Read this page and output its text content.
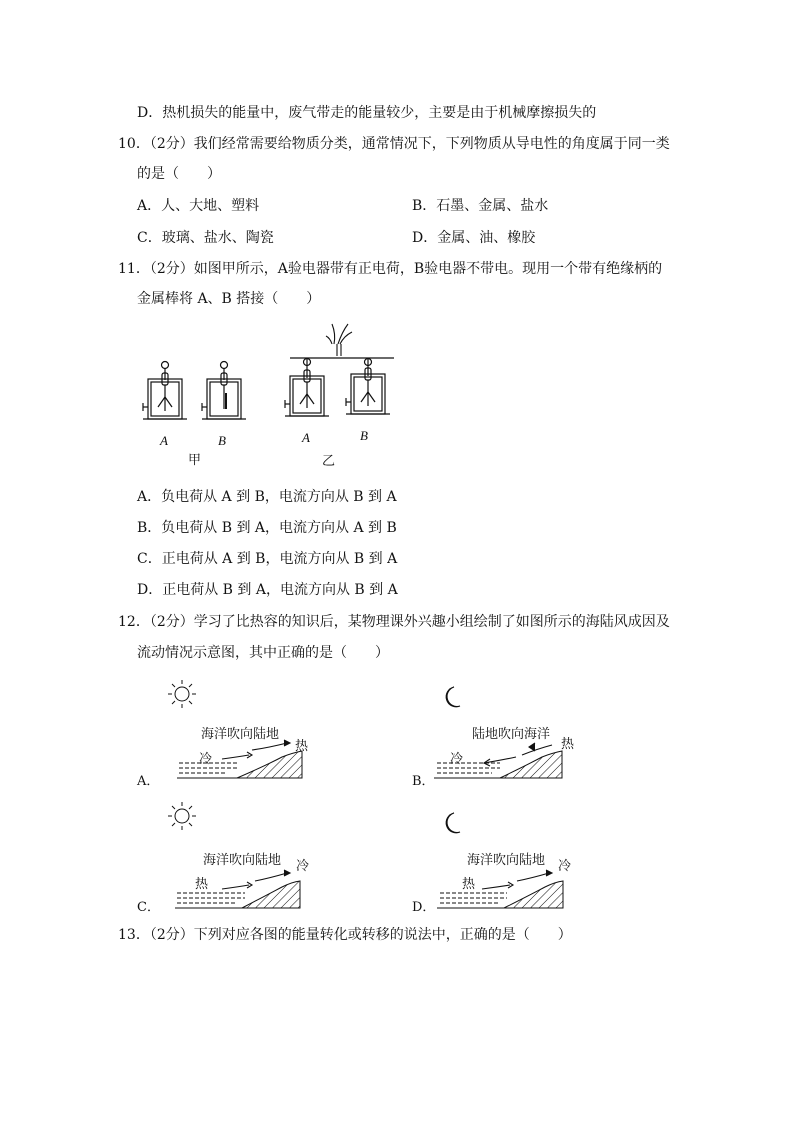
D．热机损失的能量中，废气带走的能量较少，主要是由于机械摩擦损失的
10．（2分）我们经常需要给物质分类，通常情况下，下列物质从导电性的角度属于同一类
的是（　　）
A．人、大地、塑料	B．石墨、金属、盐水
C．玻璃、盐水、陶瓷	D．金属、油、橡胶
11．（2分）如图甲所示，A验电器带有正电荷，B验电器不带电。现用一个带有绝缘柄的
金属棒将 A、B 搭接（　　）
A	B
甲
A	B
乙
A．负电荷从 A 到 B，电流方向从 B 到 A
B．负电荷从 B 到 A，电流方向从 A 到 B
C．正电荷从 A 到 B，电流方向从 B 到 A
D．正电荷从 B 到 A，电流方向从 B 到 A
12．（2分）学习了比热容的知识后，某物理课外兴趣小组绘制了如图所示的海陆风成因及
流动情况示意图，其中正确的是（　　）
海洋吹向陆地
冷
热
A．
陆地吹向海洋
冷
热
B．
海洋吹向陆地
热
冷
C．
海洋吹向陆地
热
冷
D．
13．（2分）下列对应各图的能量转化或转移的说法中，正确的是（　　）
